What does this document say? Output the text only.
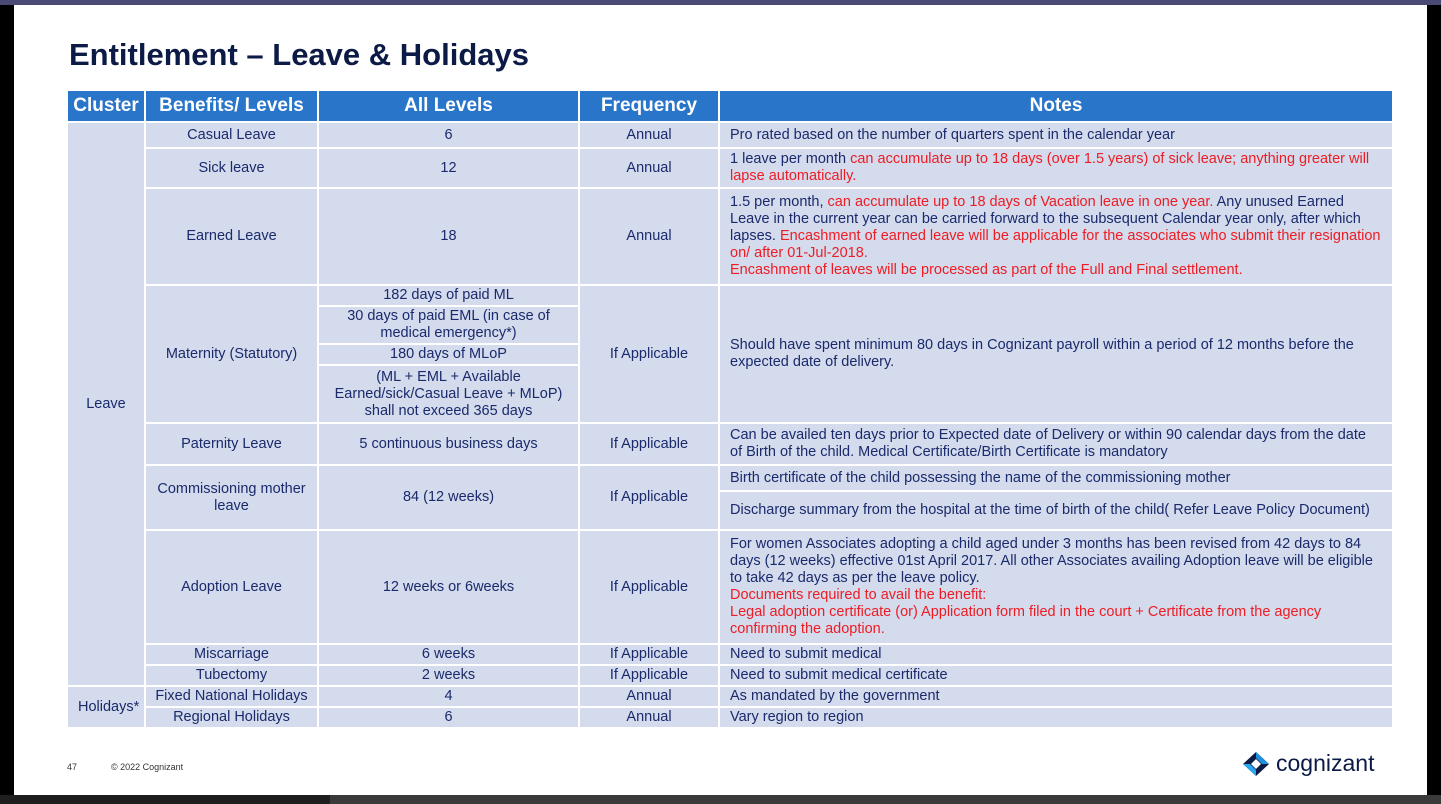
Entitlement – Leave & Holidays
Cluster	Benefits/ Levels	All Levels	Frequency	Notes
Leave	Casual Leave	6	Annual	Pro rated based on the number of quarters spent in the calendar year
	Sick leave	12	Annual	1 leave per month can accumulate up to 18 days (over 1.5 years) of sick leave; anything greater will lapse automatically.
	Earned Leave	18	Annual	1.5 per month, can accumulate up to 18 days of Vacation leave in one year. Any unused Earned Leave in the current year can be carried forward to the subsequent Calendar year only, after which lapses. Encashment of earned leave will be applicable for the associates who submit their resignation on/ after 01-Jul-2018.
Encashment of leaves will be processed as part of the Full and Final settlement.
	Maternity (Statutory)	182 days of paid ML	If Applicable	Should have spent minimum 80 days in Cognizant payroll within a period of 12 months before the expected date of delivery.
		30 days of paid EML (in case of medical emergency*)		
		180 days of MLoP		
		(ML + EML + Available Earned/sick/Casual Leave + MLoP) shall not exceed 365 days		
	Paternity Leave	5 continuous business days	If Applicable	Can be availed ten days prior to Expected date of Delivery or within 90 calendar days from the date of Birth of the child. Medical Certificate/Birth Certificate is mandatory
	Commissioning mother leave	84 (12 weeks)	If Applicable	Birth certificate of the child possessing the name of the commissioning mother
				Discharge summary from the hospital at the time of birth of the child( Refer Leave Policy Document)
	Adoption Leave	12 weeks or 6weeks	If Applicable	For women Associates adopting a child aged under 3 months has been revised from 42 days to 84 days (12 weeks) effective 01st April 2017. All other Associates availing Adoption leave will be eligible to take 42 days as per the leave policy.
Documents required to avail the benefit:
Legal adoption certificate (or) Application form filed in the court + Certificate from the agency confirming the adoption.
	Miscarriage	6 weeks	If Applicable	Need to submit medical
	Tubectomy	2 weeks	If Applicable	Need to submit medical certificate
Holidays*	Fixed National Holidays	4	Annual	As mandated by the government
	Regional Holidays	6	Annual	Vary region to region
47	© 2022 Cognizant	cognizant
